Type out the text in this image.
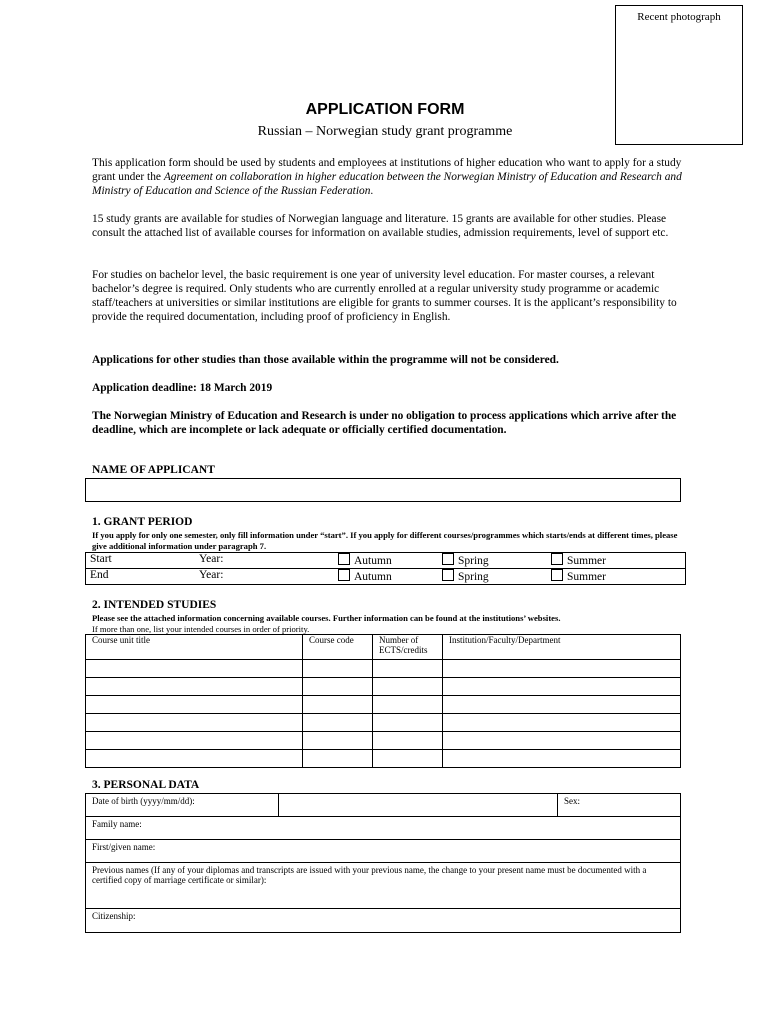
Recent photograph
APPLICATION FORM
Russian – Norwegian study grant programme
This application form should be used by students and employees at institutions of higher education who want to apply for a study grant under the Agreement on collaboration in higher education between the Norwegian Ministry of Education and Research and Ministry of Education and Science of the Russian Federation.
15 study grants are available for studies of Norwegian language and literature. 15 grants are available for other studies. Please consult the attached list of available courses for information on available studies, admission requirements, level of support etc.
For studies on bachelor level, the basic requirement is one year of university level education. For master courses, a relevant bachelor’s degree is required. Only students who are currently enrolled at a regular university study programme or academic staff/teachers at universities or similar institutions are eligible for grants to summer courses. It is the applicant’s responsibility to provide the required documentation, including proof of proficiency in English.
Applications for other studies than those available within the programme will not be considered.
Application deadline: 18 March 2019
The Norwegian Ministry of Education and Research is under no obligation to process applications which arrive after the deadline, which are incomplete or lack adequate or officially certified documentation.
NAME OF APPLICANT
1. GRANT PERIOD
If you apply for only one semester, only fill information under “start”. If you apply for different courses/programmes which starts/ends at different times, please give additional information under paragraph 7.
Start	Year:	Autumn	Spring	Summer
End	Year:	Autumn	Spring	Summer
2. INTENDED STUDIES
Please see the attached information concerning available courses. Further information can be found at the institutions’ websites.
If more than one, list your intended courses in order of priority.
Course unit title	Course code	Number of ECTS/credits	Institution/Faculty/Department

3. PERSONAL DATA
Date of birth (yyyy/mm/dd):		Sex:
Family name:
First/given name:
Previous names (If any of your diplomas and transcripts are issued with your previous name, the change to your present name must be documented with a certified copy of marriage certificate or similar):
Citizenship:
